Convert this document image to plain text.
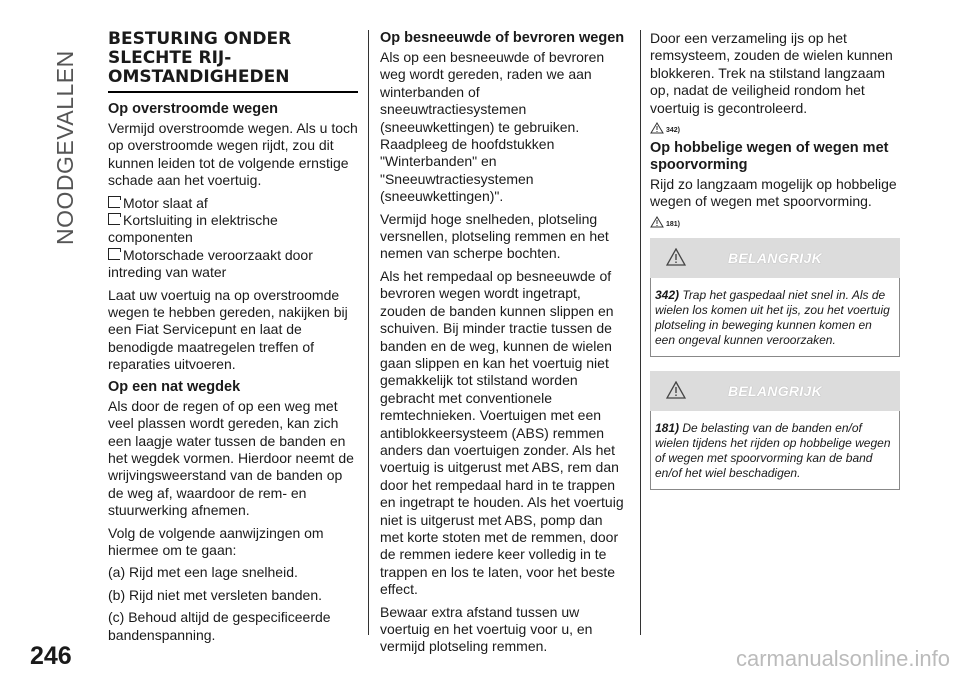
NOODGEVALLEN
BESTURING ONDER SLECHTE RIJ-OMSTANDIGHEDEN
Op overstroomde wegen

Vermijd overstroomde wegen. Als u toch op overstroomde wegen rijdt, zou dit kunnen leiden tot de volgende ernstige schade aan het voertuig.

Motor slaat af
Kortsluiting in elektrische componenten
Motorschade veroorzaakt door intreding van water

Laat uw voertuig na op overstroomde wegen te hebben gereden, nakijken bij een Fiat Servicepunt en laat de benodigde maatregelen treffen of reparaties uitvoeren.

Op een nat wegdek

Als door de regen of op een weg met veel plassen wordt gereden, kan zich een laagje water tussen de banden en het wegdek vormen. Hierdoor neemt de wrijvingsweerstand van de banden op de weg af, waardoor de rem- en stuurwerking afnemen.

Volg de volgende aanwijzingen om hiermee om te gaan:

(a) Rijd met een lage snelheid.

(b) Rijd niet met versleten banden.

(c) Behoud altijd de gespecificeerde bandenspanning.

Op besneeuwde of bevroren wegen

Als op een besneeuwde of bevroren weg wordt gereden, raden we aan winterbanden of sneeuwtractiesystemen (sneeuwkettingen) te gebruiken. Raadpleeg de hoofdstukken "Winterbanden" en "Sneeuwtractiesystemen (sneeuwkettingen)".

Vermijd hoge snelheden, plotseling versnellen, plotseling remmen en het nemen van scherpe bochten.

Als het rempedaal op besneeuwde of bevroren wegen wordt ingetrapt, zouden de banden kunnen slippen en schuiven. Bij minder tractie tussen de banden en de weg, kunnen de wielen gaan slippen en kan het voertuig niet gemakkelijk tot stilstand worden gebracht met conventionele remtechnieken. Voertuigen met een antiblokkeersysteem (ABS) remmen anders dan voertuigen zonder. Als het voertuig is uitgerust met ABS, rem dan door het rempedaal hard in te trappen en ingetrapt te houden. Als het voertuig niet is uitgerust met ABS, pomp dan met korte stoten met de remmen, door de remmen iedere keer volledig in te trappen en los te laten, voor het beste effect.

Bewaar extra afstand tussen uw voertuig en het voertuig voor u, en vermijd plotseling remmen.

Door een verzameling ijs op het remsysteem, zouden de wielen kunnen blokkeren. Trek na stilstand langzaam op, nadat de veiligheid rondom het voertuig is gecontroleerd.

342)
Op hobbelige wegen of wegen met spoorvorming

Rijd zo langzaam mogelijk op hobbelige wegen of wegen met spoorvorming.

181)
BELANGRIJK
342) Trap het gaspedaal niet snel in. Als de wielen los komen uit het ijs, zou het voertuig plotseling in beweging kunnen komen en een ongeval kunnen veroorzaken.
BELANGRIJK
181) De belasting van de banden en/of wielen tijdens het rijden op hobbelige wegen of wegen met spoorvorming kan de band en/of het wiel beschadigen.
246	carmanualsonline.info
